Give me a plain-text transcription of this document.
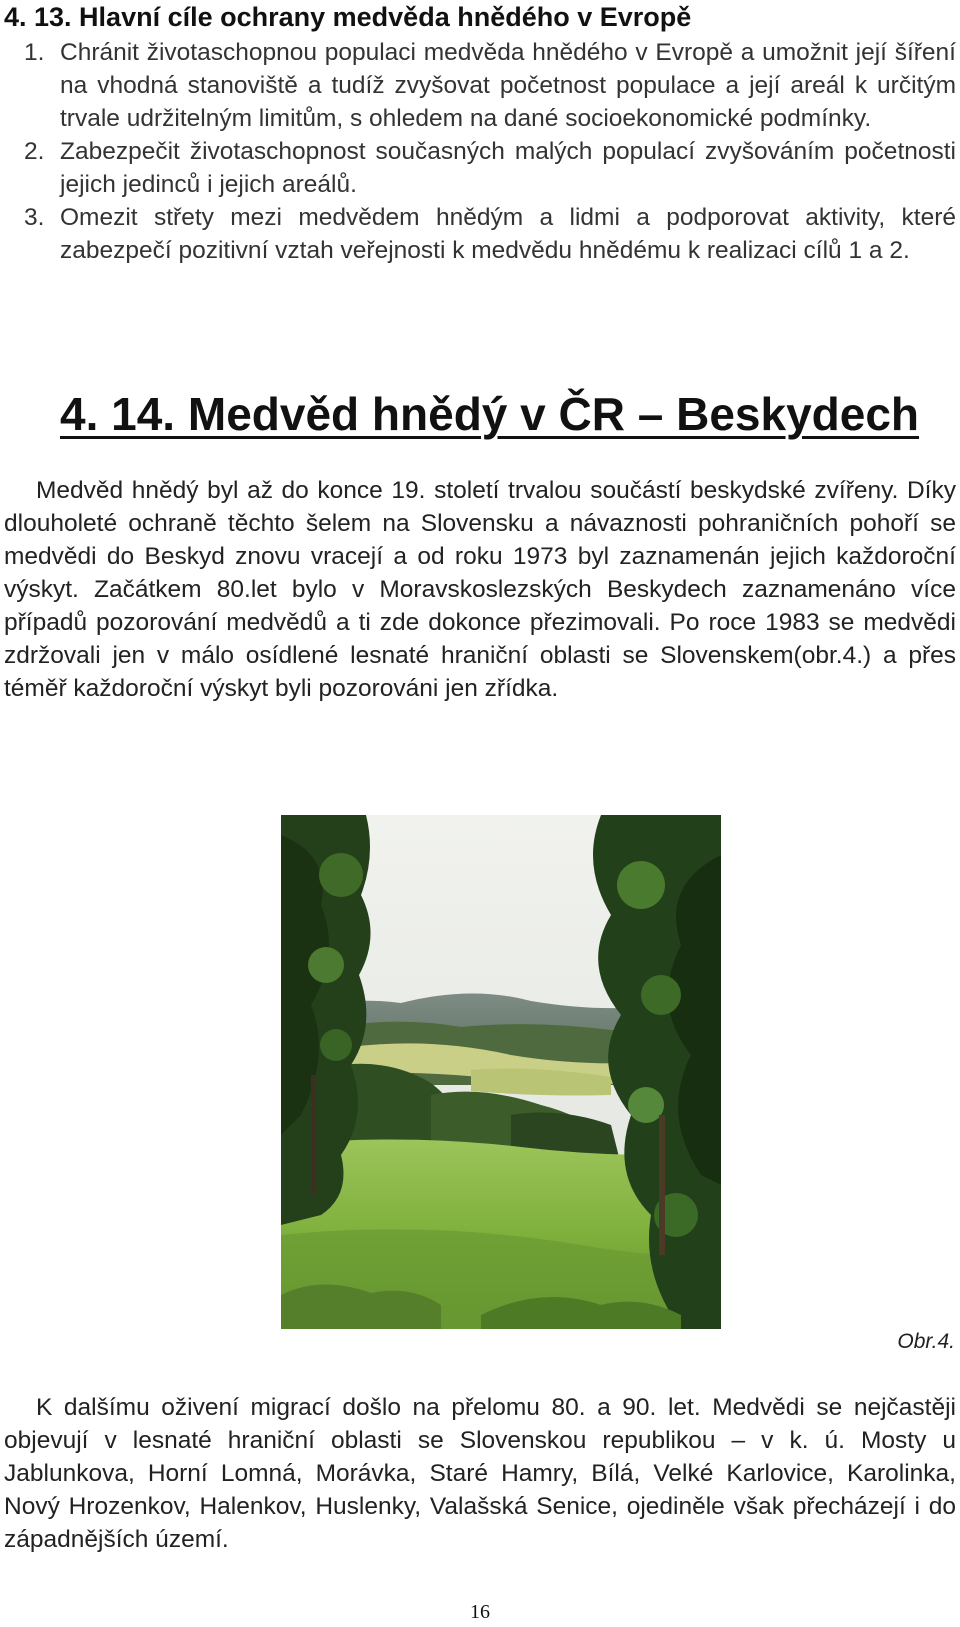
4. 13. Hlavní cíle ochrany medvěda hnědého v Evropě
1. Chránit životaschopnou populaci medvěda hnědého v Evropě a umožnit její šíření na vhodná stanoviště a tudíž zvyšovat početnost populace a její areál k určitým trvale udržitelným limitům, s ohledem na dané socioekonomické podmínky.
2. Zabezpečit životaschopnost současných malých populací zvyšováním početnosti jejich jedinců i jejich areálů.
3. Omezit střety mezi medvědem hnědým a lidmi a podporovat aktivity, které zabezpečí pozitivní vztah veřejnosti k medvědu hnědému k realizaci cílů 1 a 2.
4. 14. Medvěd hnědý v ČR – Beskydech

Medvěd hnědý byl až do konce 19. století trvalou součástí beskydské zvířeny. Díky dlouholeté ochraně těchto šelem na Slovensku a návaznosti pohraničních pohoří se medvědi do Beskyd znovu vracejí a od roku 1973 byl zaznamenán jejich každoroční výskyt. Začátkem 80.let bylo v Moravskoslezských Beskydech zaznamenáno více případů pozorování medvědů a ti zde dokonce přezimovali. Po roce 1983 se medvědi zdržovali jen v málo osídlené lesnaté hraniční oblasti se Slovenskem(obr.4.) a přes téměř každoroční výskyt byli pozorováni jen zřídka.

Obr.4.

K dalšímu oživení migrací došlo na přelomu 80. a 90. let. Medvědi se nejčastěji objevují v lesnaté hraniční oblasti se Slovenskou republikou – v k. ú. Mosty u Jablunkova, Horní Lomná, Morávka, Staré Hamry, Bílá, Velké Karlovice, Karolinka, Nový Hrozenkov, Halenkov, Huslenky, Valašská Senice, ojediněle však přecházejí i do západnějších území.

16
